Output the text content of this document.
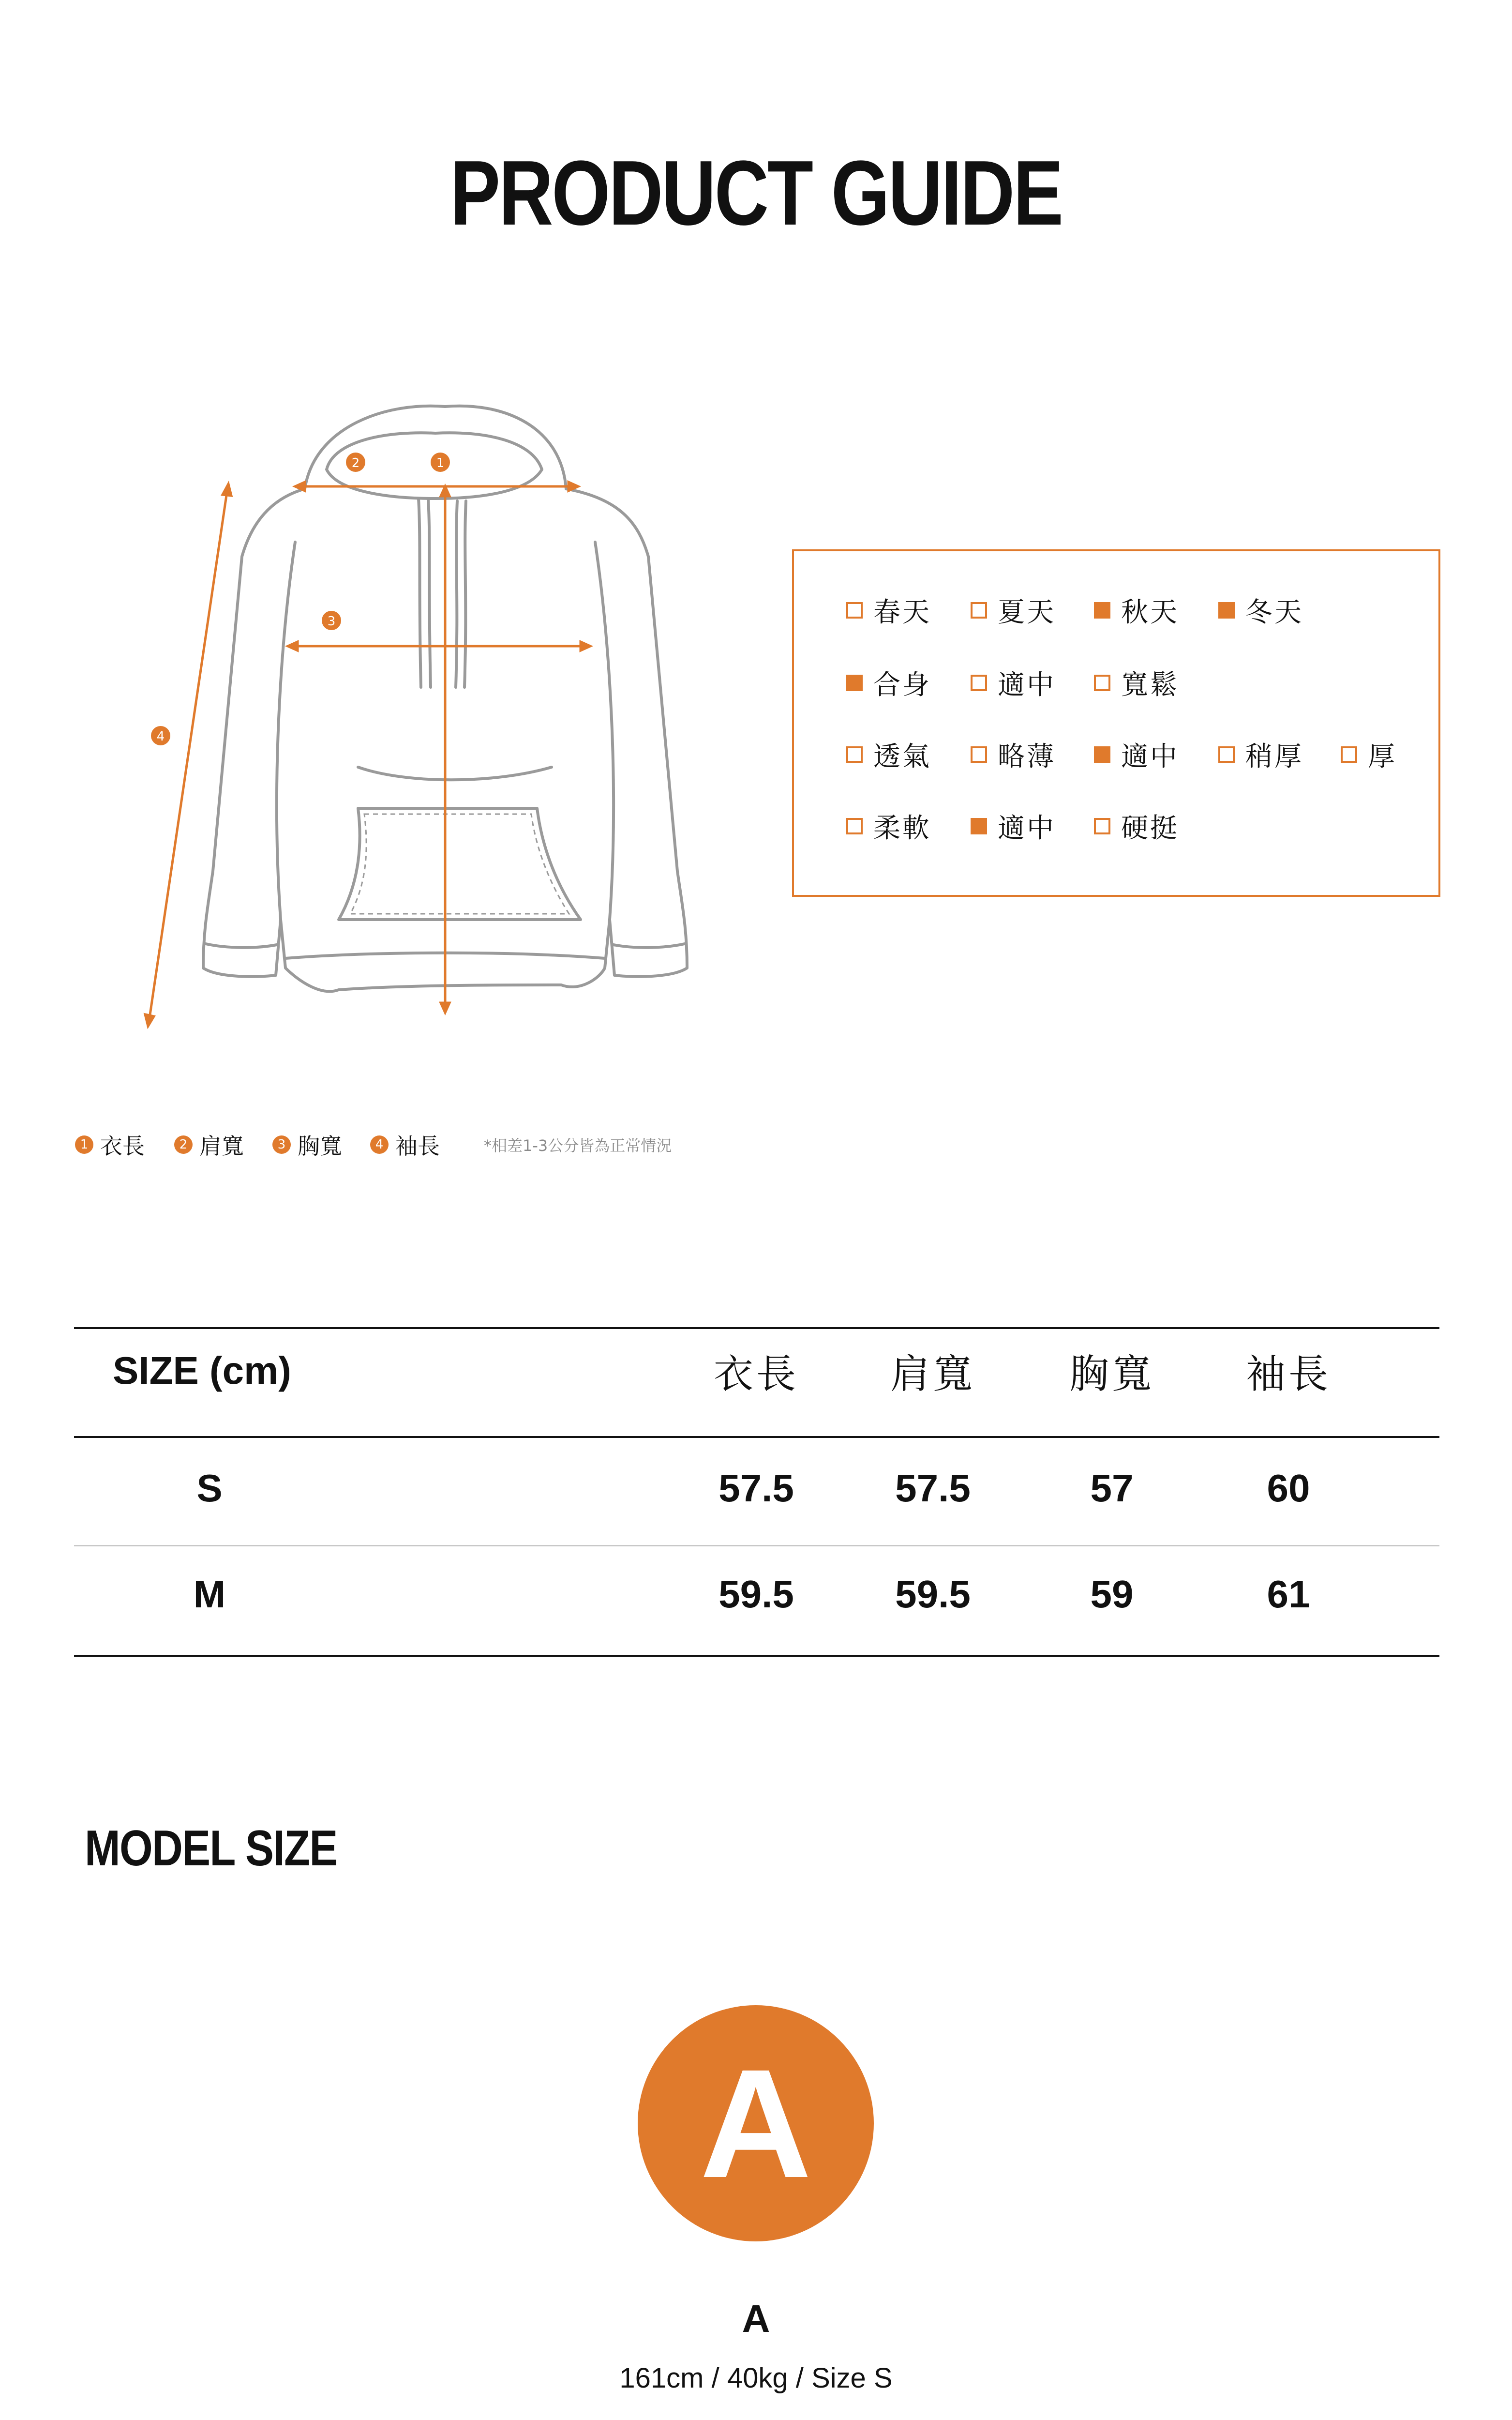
PRODUCT GUIDE
2	1
3
4
春天 夏天 秋天 冬天
合身 適中 寬鬆
透氣 略薄 適中 稍厚 厚
柔軟 適中 硬挺
1 衣長	2 肩寬	3 胸寬	4 袖長	*相差1-3公分皆為正常情況
SIZE (cm)	衣長	肩寬	胸寬	袖長
S	57.5	57.5	57	60
M	59.5	59.5	59	61
MODEL SIZE
A
A
161cm / 40kg / Size S
